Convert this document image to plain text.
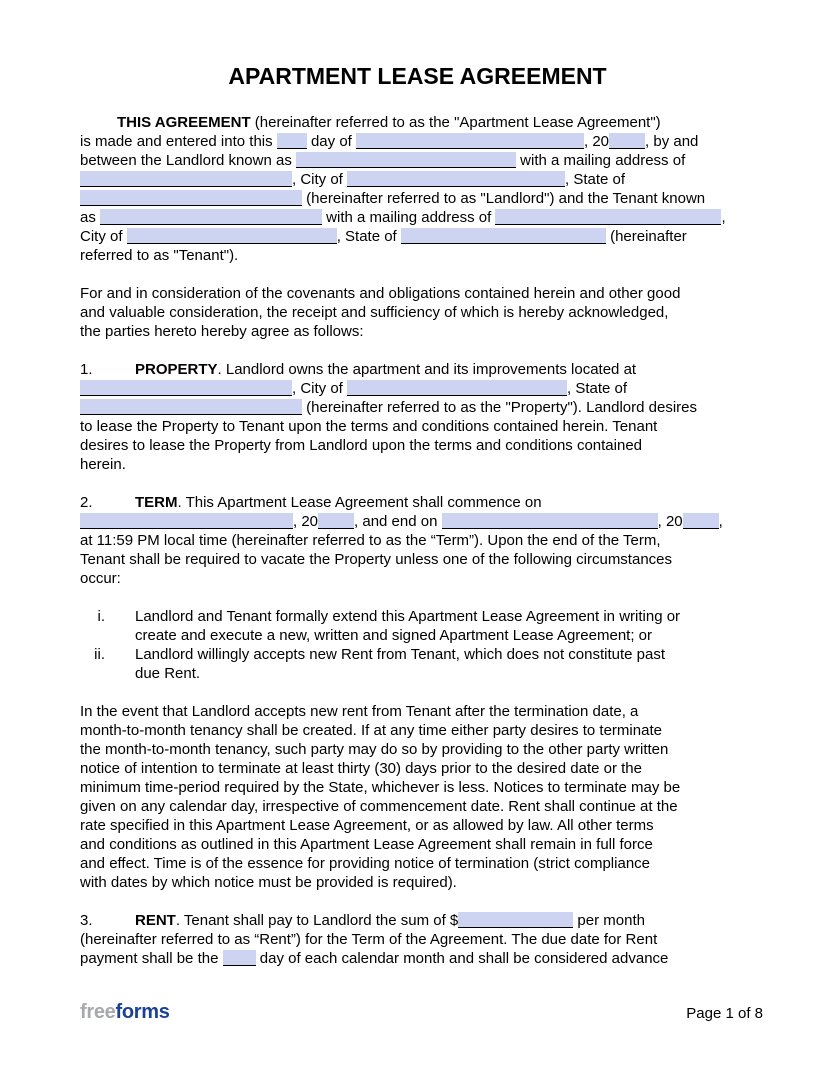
APARTMENT LEASE AGREEMENT
THIS AGREEMENT (hereinafter referred to as the "Apartment Lease Agreement")
is made and entered into this  day of	, 20 , by and
between the Landlord known as	with a mailing address of
, City of	, State of
(hereinafter referred to as "Landlord") and the Tenant known
as	with a mailing address of	,
City of	, State of	(hereinafter
referred to as "Tenant").
For and in consideration of the covenants and obligations contained herein and other good
and valuable consideration, the receipt and sufficiency of which is hereby acknowledged,
the parties hereto hereby agree as follows:
1.	PROPERTY. Landlord owns the apartment and its improvements located at
, City of	, State of
(hereinafter referred to as the "Property"). Landlord desires
to lease the Property to Tenant upon the terms and conditions contained herein. Tenant
desires to lease the Property from Landlord upon the terms and conditions contained
herein.
2.	TERM. This Apartment Lease Agreement shall commence on
, 20 , and end on	, 20 ,
at 11:59 PM local time (hereinafter referred to as the “Term”). Upon the end of the Term,
Tenant shall be required to vacate the Property unless one of the following circumstances
occur:
i.	Landlord and Tenant formally extend this Apartment Lease Agreement in writing or
create and execute a new, written and signed Apartment Lease Agreement; or
ii.	Landlord willingly accepts new Rent from Tenant, which does not constitute past
due Rent.
In the event that Landlord accepts new rent from Tenant after the termination date, a
month-to-month tenancy shall be created. If at any time either party desires to terminate
the month-to-month tenancy, such party may do so by providing to the other party written
notice of intention to terminate at least thirty (30) days prior to the desired date or the
minimum time-period required by the State, whichever is less. Notices to terminate may be
given on any calendar day, irrespective of commencement date. Rent shall continue at the
rate specified in this Apartment Lease Agreement, or as allowed by law. All other terms
and conditions as outlined in this Apartment Lease Agreement shall remain in full force
and effect. Time is of the essence for providing notice of termination (strict compliance
with dates by which notice must be provided is required).
3.	RENT. Tenant shall pay to Landlord the sum of $	per month
(hereinafter referred to as “Rent”) for the Term of the Agreement. The due date for Rent
payment shall be the  day of each calendar month and shall be considered advance
freeforms	Page 1 of 8
